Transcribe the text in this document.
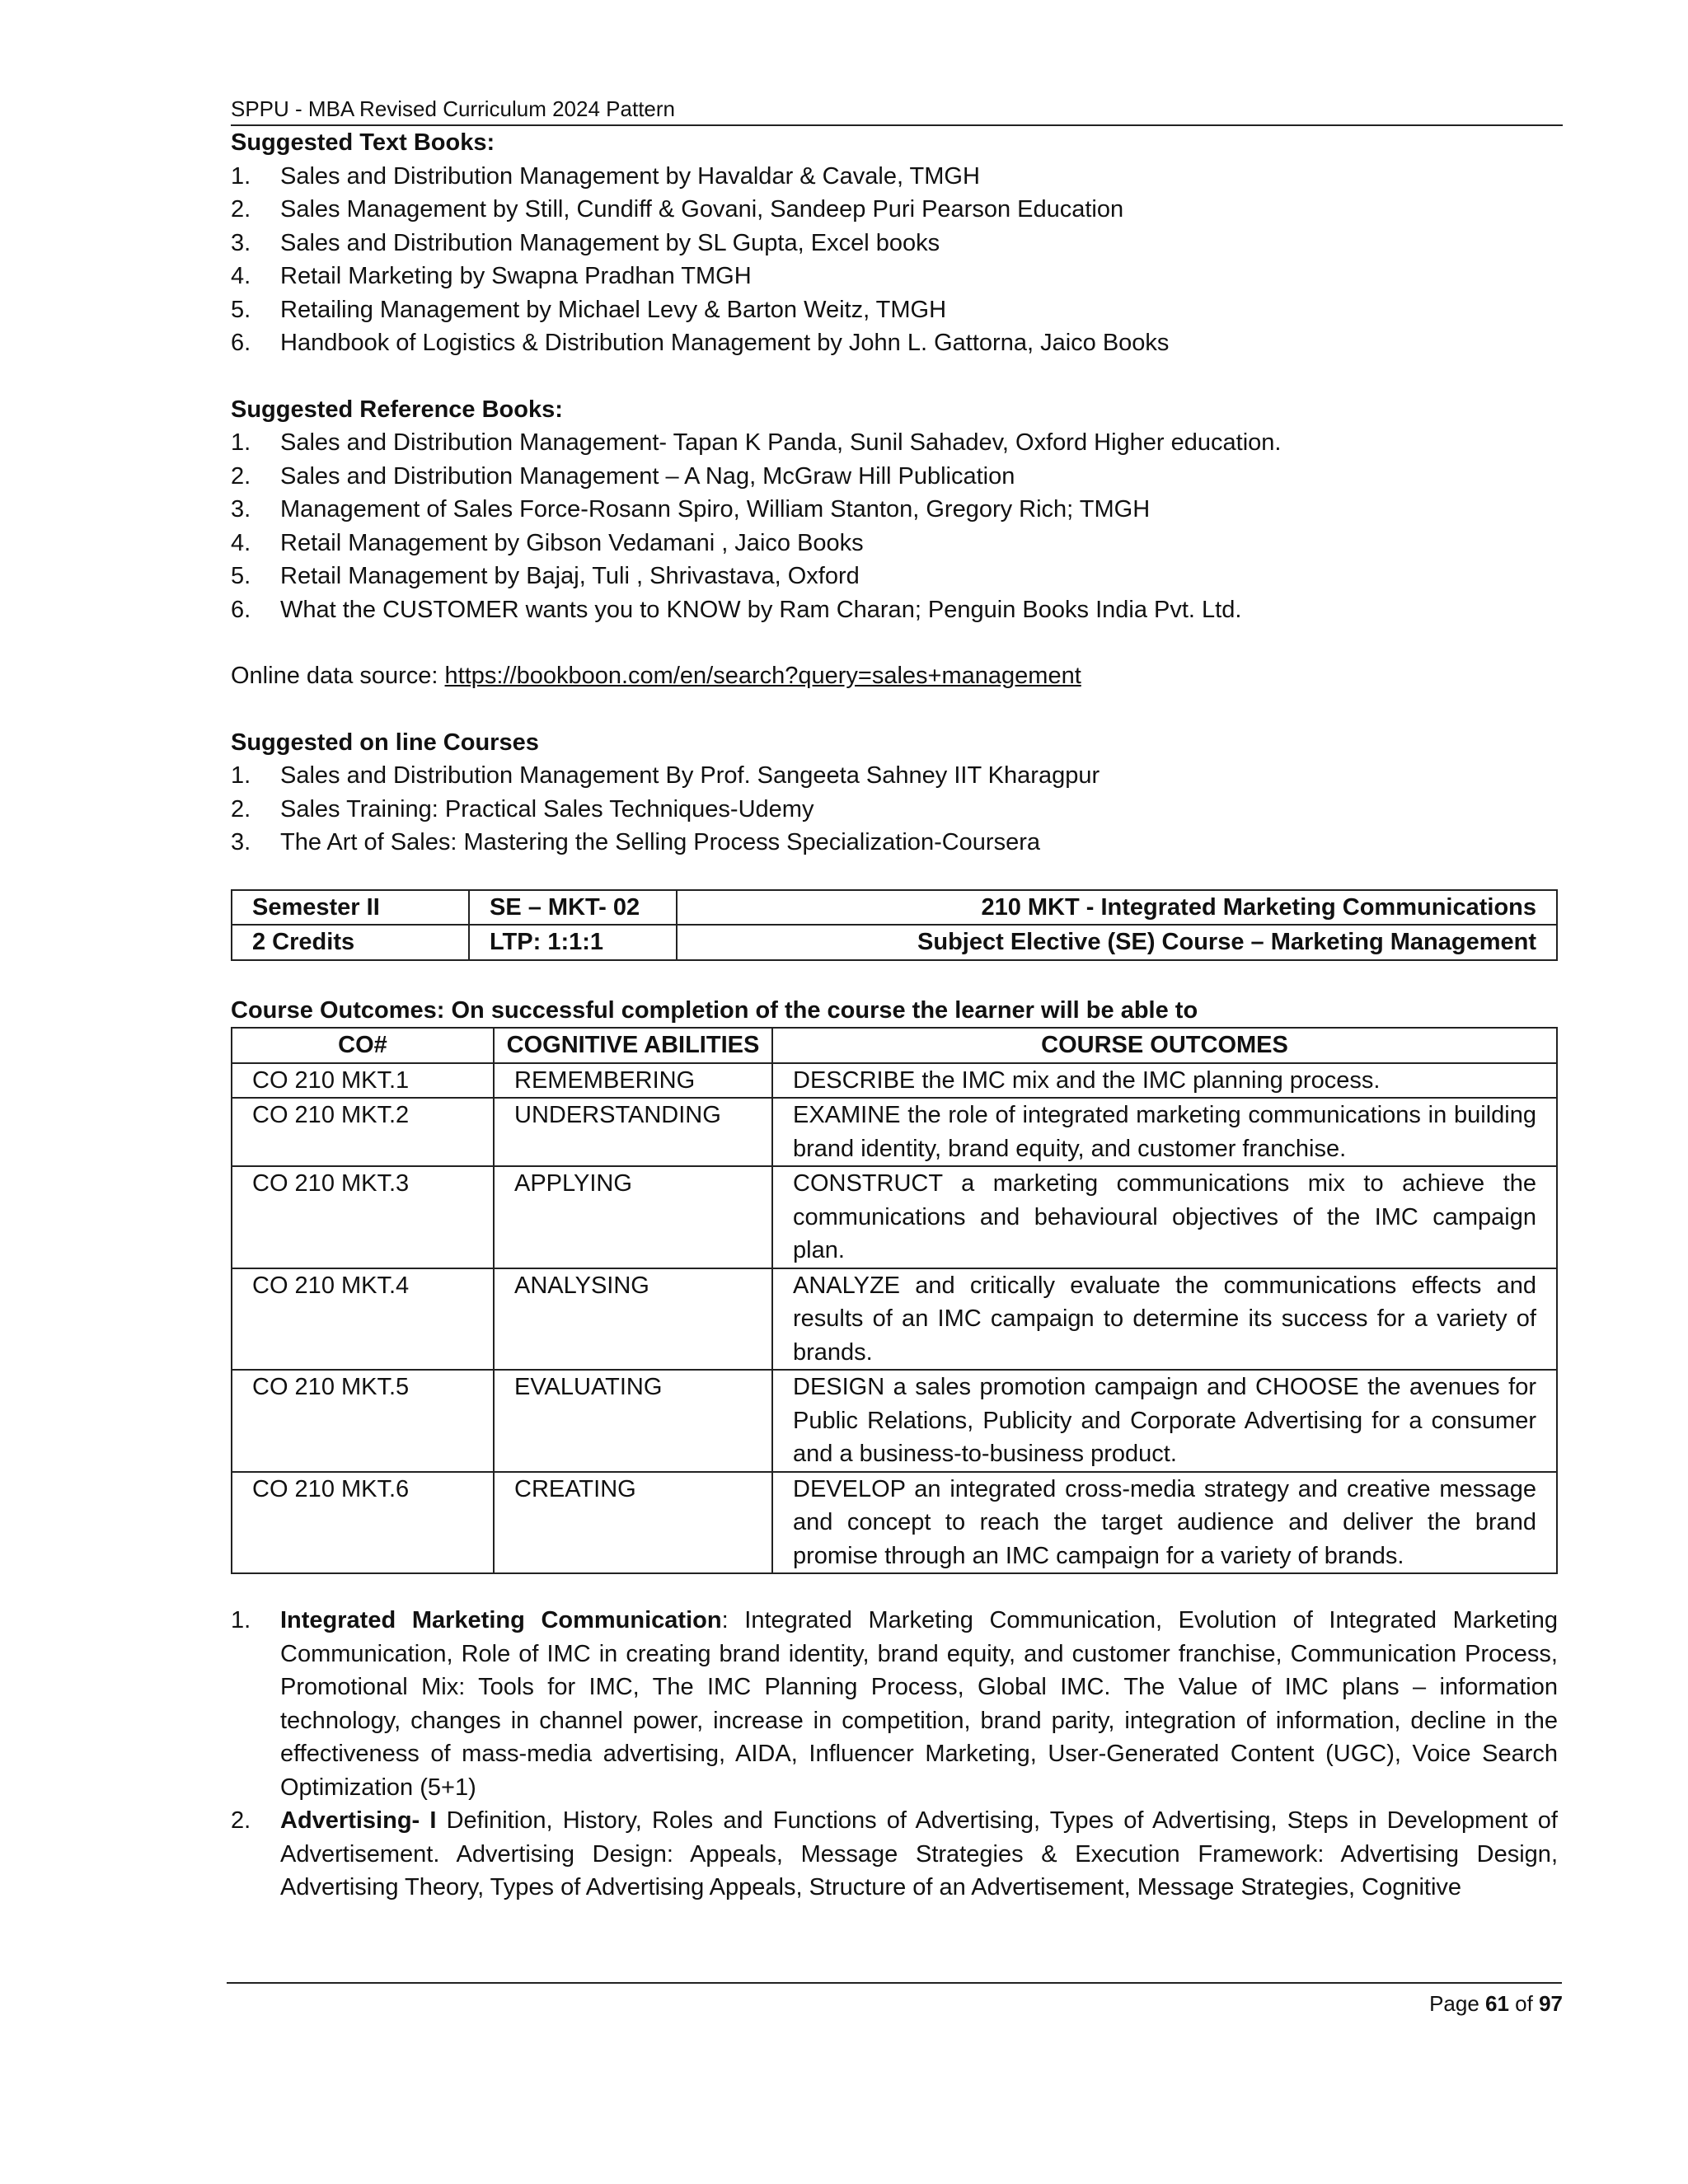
SPPU - MBA Revised Curriculum 2024 Pattern
Suggested Text Books:
1. Sales and Distribution Management by Havaldar & Cavale, TMGH
2. Sales Management by Still, Cundiff & Govani, Sandeep Puri Pearson Education
3. Sales and Distribution Management by SL Gupta, Excel books
4. Retail Marketing by Swapna Pradhan TMGH
5. Retailing Management by Michael Levy & Barton Weitz, TMGH
6. Handbook of Logistics & Distribution Management by John L. Gattorna, Jaico Books
Suggested Reference Books:
1. Sales and Distribution Management- Tapan K Panda, Sunil Sahadev, Oxford Higher education.
2. Sales and Distribution Management – A Nag, McGraw Hill Publication
3. Management of Sales Force-Rosann Spiro, William Stanton, Gregory Rich; TMGH
4. Retail Management by Gibson Vedamani , Jaico Books
5. Retail Management by Bajaj, Tuli , Shrivastava, Oxford
6. What the CUSTOMER wants you to KNOW by Ram Charan; Penguin Books India Pvt. Ltd.
Online data source: https://bookboon.com/en/search?query=sales+management
Suggested on line Courses
1. Sales and Distribution Management By Prof. Sangeeta Sahney IIT Kharagpur
2. Sales Training: Practical Sales Techniques-Udemy
3. The Art of Sales: Mastering the Selling Process Specialization-Coursera
Semester II	SE – MKT- 02	210 MKT - Integrated Marketing Communications
2 Credits	LTP: 1:1:1	Subject Elective (SE) Course – Marketing Management
Course Outcomes: On successful completion of the course the learner will be able to
CO#	COGNITIVE ABILITIES	COURSE OUTCOMES
CO 210 MKT.1	REMEMBERING	DESCRIBE the IMC mix and the IMC planning process.
CO 210 MKT.2	UNDERSTANDING	EXAMINE the role of integrated marketing communications in building brand identity, brand equity, and customer franchise.
CO 210 MKT.3	APPLYING	CONSTRUCT a marketing communications mix to achieve the communications and behavioural objectives of the IMC campaign plan.
CO 210 MKT.4	ANALYSING	ANALYZE and critically evaluate the communications effects and results of an IMC campaign to determine its success for a variety of brands.
CO 210 MKT.5	EVALUATING	DESIGN a sales promotion campaign and CHOOSE the avenues for Public Relations, Publicity and Corporate Advertising for a consumer and a business-to-business product.
CO 210 MKT.6	CREATING	DEVELOP an integrated cross-media strategy and creative message and concept to reach the target audience and deliver the brand promise through an IMC campaign for a variety of brands.
1. Integrated Marketing Communication: Integrated Marketing Communication, Evolution of Integrated Marketing Communication, Role of IMC in creating brand identity, brand equity, and customer franchise, Communication Process, Promotional Mix: Tools for IMC, The IMC Planning Process, Global IMC. The Value of IMC plans – information technology, changes in channel power, increase in competition, brand parity, integration of information, decline in the effectiveness of mass-media advertising, AIDA, Influencer Marketing, User-Generated Content (UGC), Voice Search Optimization (5+1)
2. Advertising- I Definition, History, Roles and Functions of Advertising, Types of Advertising, Steps in Development of Advertisement. Advertising Design: Appeals, Message Strategies & Execution Framework: Advertising Design, Advertising Theory, Types of Advertising Appeals, Structure of an Advertisement, Message Strategies, Cognitive
Page 61 of 97
